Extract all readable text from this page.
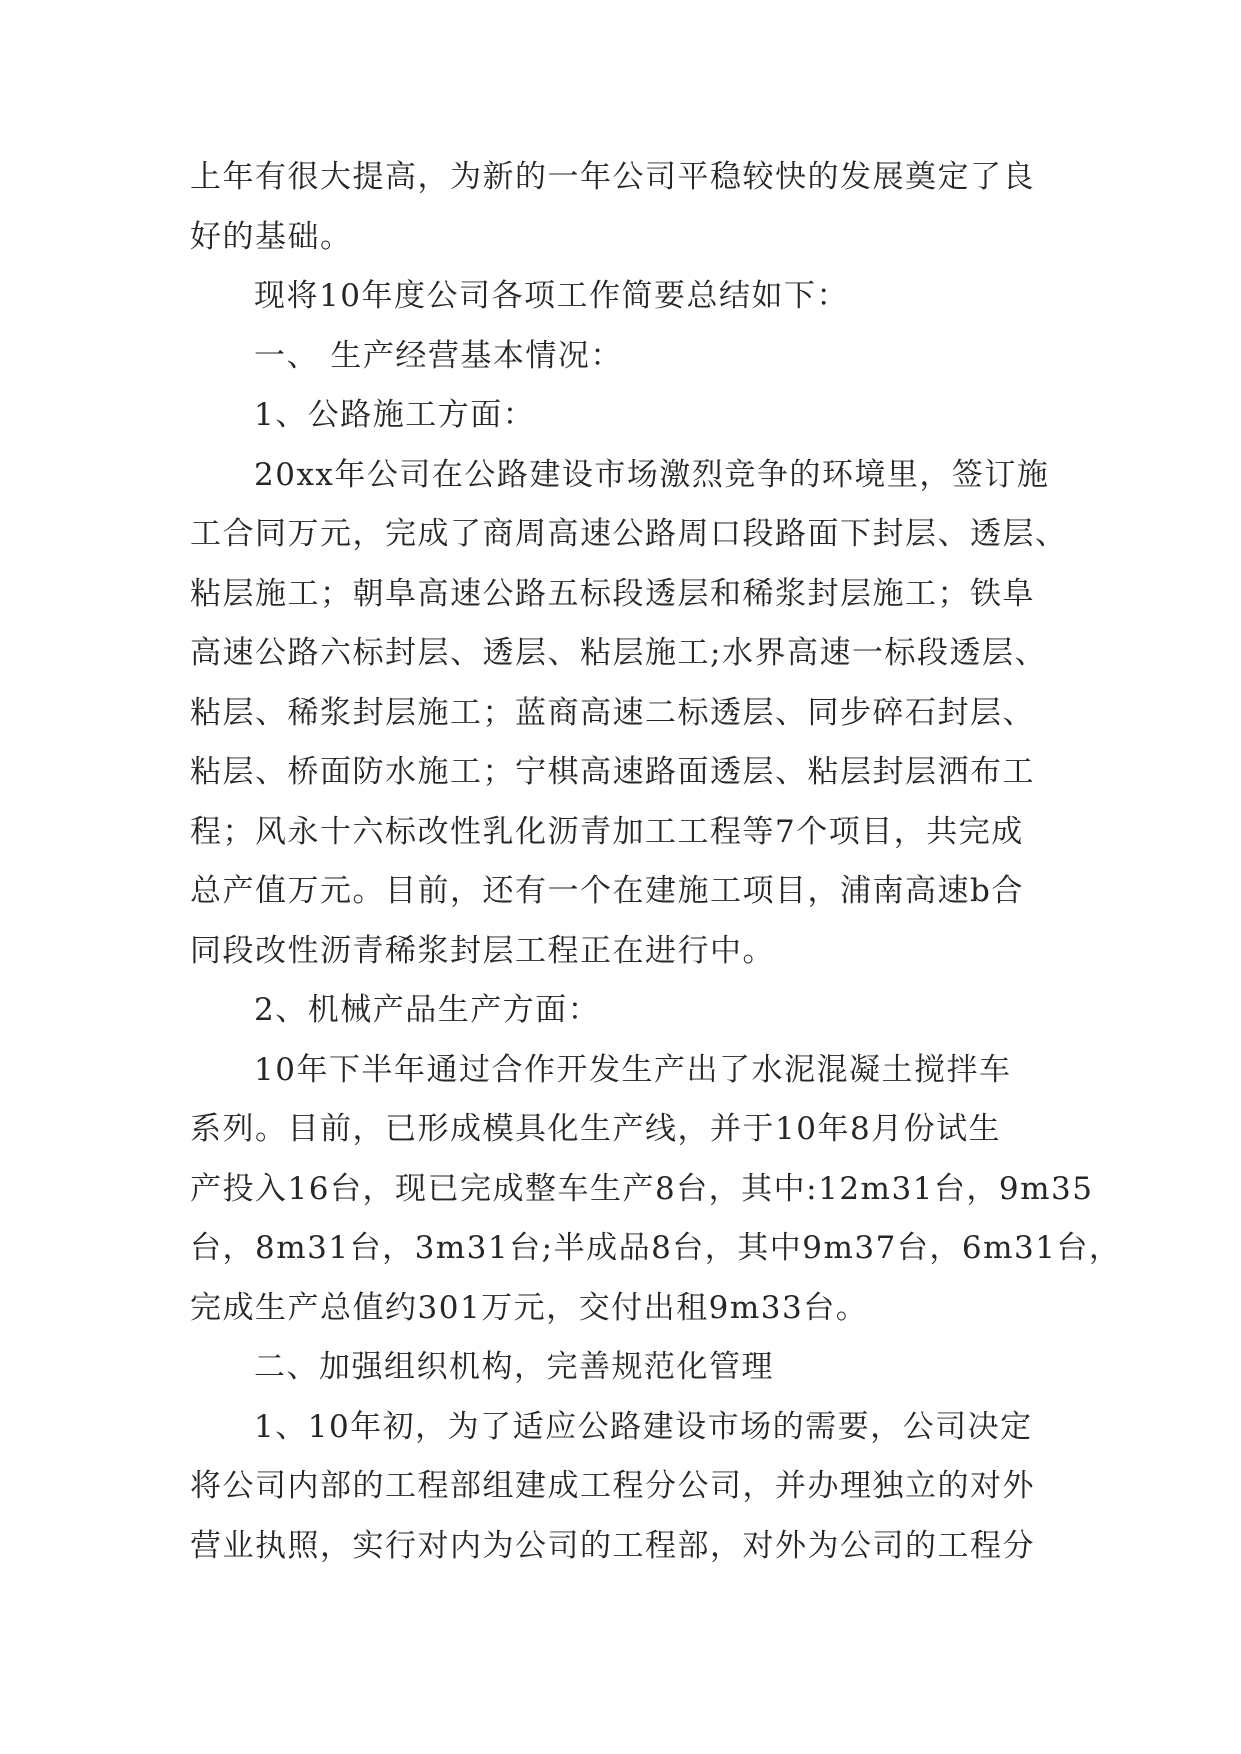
上年有很大提高，为新的一年公司平稳较快的发展奠定了良
好的基础。
现将10年度公司各项工作简要总结如下：
一、 生产经营基本情况：
1、公路施工方面：
20xx年公司在公路建设市场激烈竞争的环境里，签订施
工合同万元，完成了商周高速公路周口段路面下封层、透层、
粘层施工；朝阜高速公路五标段透层和稀浆封层施工；铁阜
高速公路六标封层、透层、粘层施工;水界高速一标段透层、
粘层、稀浆封层施工；蓝商高速二标透层、同步碎石封层、
粘层、桥面防水施工；宁棋高速路面透层、粘层封层洒布工
程；风永十六标改性乳化沥青加工工程等7个项目，共完成
总产值万元。目前，还有一个在建施工项目，浦南高速b合
同段改性沥青稀浆封层工程正在进行中。
2、机械产品生产方面：
10年下半年通过合作开发生产出了水泥混凝土搅拌车
系列。目前，已形成模具化生产线，并于10年8月份试生
产投入16台，现已完成整车生产8台，其中:12m31台，9m35
台，8m31台，3m31台;半成品8台，其中9m37台，6m31台，
完成生产总值约301万元，交付出租9m33台。
二、加强组织机构，完善规范化管理
1、10年初，为了适应公路建设市场的需要，公司决定
将公司内部的工程部组建成工程分公司，并办理独立的对外
营业执照，实行对内为公司的工程部，对外为公司的工程分
